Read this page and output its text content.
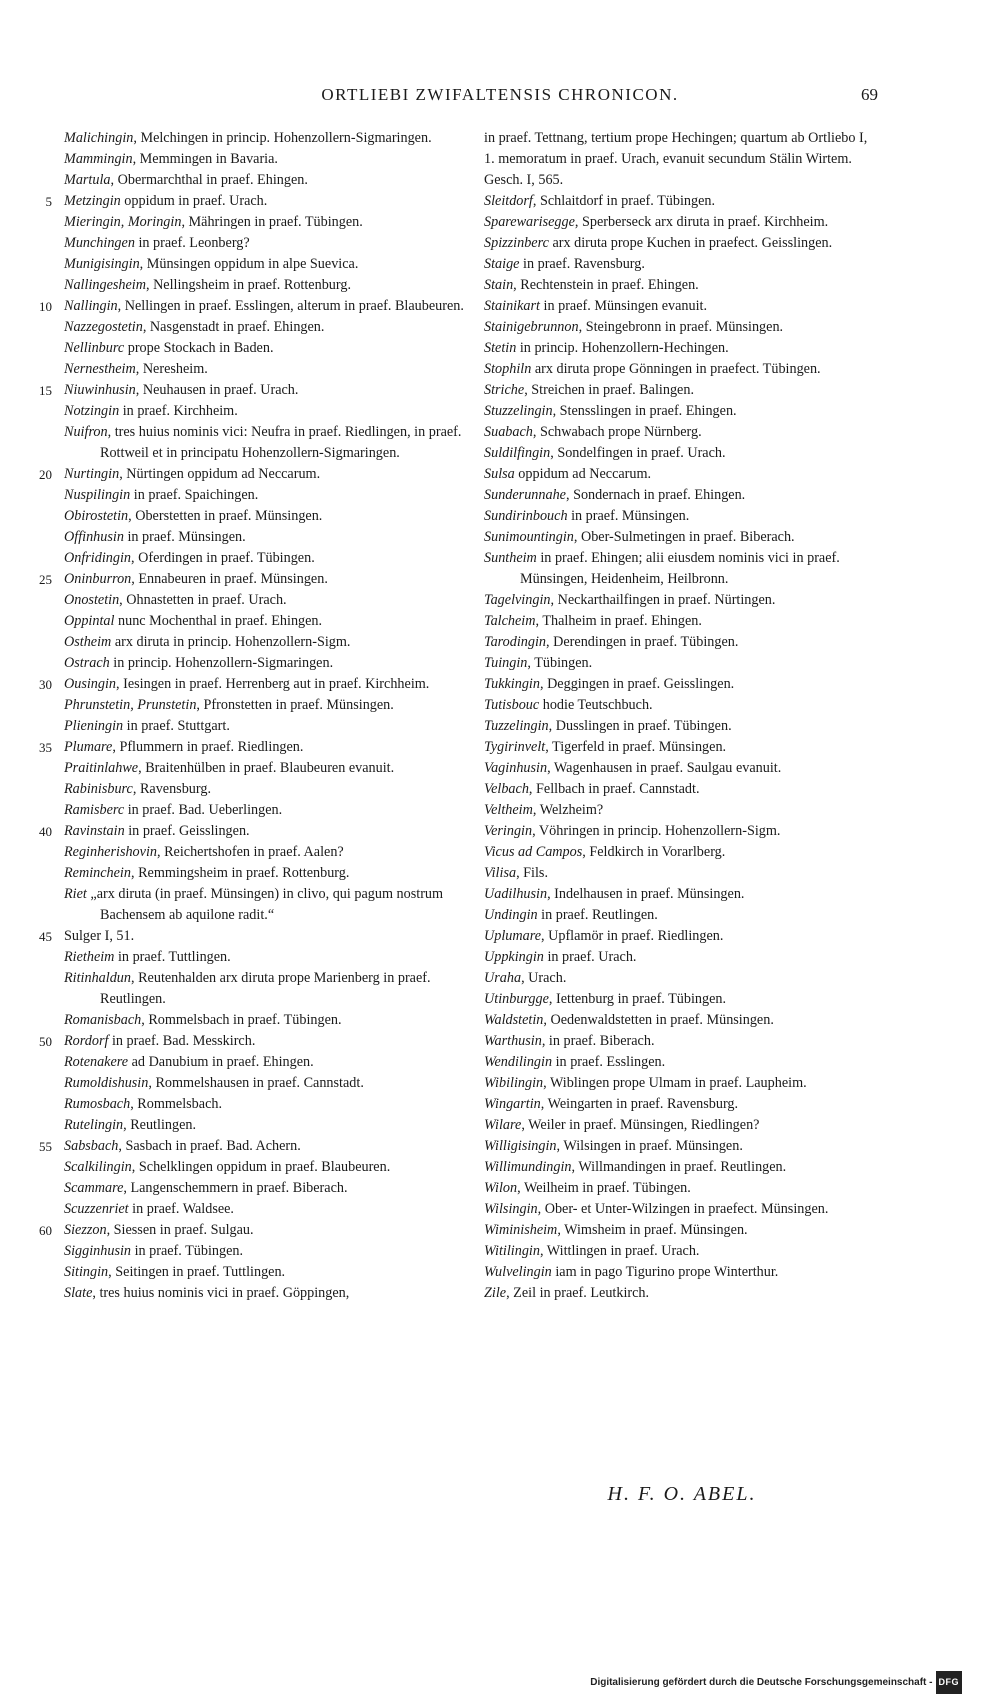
ORTLIEBI ZWIFALTENSIS CHRONICON.	69
Malichingin, Melchingen in princip. Hohenzollern-Sigmaringen.
Mammingin, Memmingen in Bavaria.
Martula, Obermarchthal in praef. Ehingen.
5 Metzingin oppidum in praef. Urach.
Mieringin, Moringin, Mähringen in praef. Tübingen.
Munchingen in praef. Leonberg?
Munigisingin, Münsingen oppidum in alpe Suevica.
Nallingesheim, Nellingsheim in praef. Rottenburg.
10 Nallingin, Nellingen in praef. Esslingen, alterum in praef. Blaubeuren.
Nazzegostetin, Nasgenstadt in praef. Ehingen.
Nellinburc prope Stockach in Baden.
Nernestheim, Neresheim.
15 Niuwinhusin, Neuhausen in praef. Urach.
Notzingin in praef. Kirchheim.
Nuifron, tres huius nominis vici: Neufra in praef. Riedlingen, in praef. Rottweil et in principatu Hohenzollern-Sigmaringen.
20 Nurtingin, Nürtingen oppidum ad Neccarum.
Nuspilingin in praef. Spaichingen.
Obirostetin, Oberstetten in praef. Münsingen.
Offinhusin in praef. Münsingen.
Onfridingin, Oferdingen in praef. Tübingen.
25 Oninburron, Ennabeuren in praef. Münsingen.
Onostetin, Ohnastetten in praef. Urach.
Oppintal nunc Mochenthal in praef. Ehingen.
Ostheim arx diruta in princip. Hohenzollern-Sigm.
Ostrach in princip. Hohenzollern-Sigmaringen.
30 Ousingin, Iesingen in praef. Herrenberg aut in praef. Kirchheim.
Phrunstetin, Prunstetin, Pfronstetten in praef. Münsingen.
Plieningin in praef. Stuttgart.
35 Plumare, Pflummern in praef. Riedlingen.
Praitinlahwe, Braitenhülben in praef. Blaubeuren evanuit.
Rabinisburc, Ravensburg.
Ramisberc in praef. Bad. Ueberlingen.
40 Ravinstain in praef. Geisslingen.
Reginherishovin, Reichertshofen in praef. Aalen?
Reminchein, Remmingsheim in praef. Rottenburg.
Riet „arx diruta (in praef. Münsingen) in clivo, qui pagum nostrum Bachensem ab aquilone radit.“
45 Sulger I, 51.
Rietheim in praef. Tuttlingen.
Ritinhaldun, Reutenhalden arx diruta prope Marienberg in praef. Reutlingen.
Romanisbach, Rommelsbach in praef. Tübingen.
50 Rordorf in praef. Bad. Messkirch.
Rotenakere ad Danubium in praef. Ehingen.
Rumoldishusin, Rommelshausen in praef. Cannstadt.
Rumosbach, Rommelsbach.
Rutelingin, Reutlingen.
55 Sabsbach, Sasbach in praef. Bad. Achern.
Scalkilingin, Schelklingen oppidum in praef. Blaubeuren.
Scammare, Langenschemmern in praef. Biberach.
Scuzzenriet in praef. Waldsee.
60 Siezzon, Siessen in praef. Sulgau.
Sigginhusin in praef. Tübingen.
Sitingin, Seitingen in praef. Tuttlingen.
Slate, tres huius nominis vici in praef. Göppingen,
in praef. Tettnang, tertium prope Hechingen; quartum ab Ortliebo I, 1. memoratum in praef. Urach, evanuit secundum Stälin Wirtem. Gesch. I, 565.
Sleitdorf, Schlaitdorf in praef. Tübingen.
Sparewarisegge, Sperberseck arx diruta in praef. Kirchheim.
Spizzinberc arx diruta prope Kuchen in praefect. Geisslingen.
Staige in praef. Ravensburg.
Stain, Rechtenstein in praef. Ehingen.
Stainikart in praef. Münsingen evanuit.
Stainigebrunnon, Steingebronn in praef. Münsingen.
Stetin in princip. Hohenzollern-Hechingen.
Stophiln arx diruta prope Gönningen in praefect. Tübingen.
Striche, Streichen in praef. Balingen.
Stuzzelingin, Stensslingen in praef. Ehingen.
Suabach, Schwabach prope Nürnberg.
Suldilfingin, Sondelfingen in praef. Urach.
Sulsa oppidum ad Neccarum.
Sunderunnahe, Sondernach in praef. Ehingen.
Sundirinbouch in praef. Münsingen.
Sunimountingin, Ober-Sulmetingen in praef. Biberach.
Suntheim in praef. Ehingen; alii eiusdem nominis vici in praef. Münsingen, Heidenheim, Heilbronn.
Tagelvingin, Neckarthailfingen in praef. Nürtingen.
Talcheim, Thalheim in praef. Ehingen.
Tarodingin, Derendingen in praef. Tübingen.
Tuingin, Tübingen.
Tukkingin, Deggingen in praef. Geisslingen.
Tutisbouc hodie Teutschbuch.
Tuzzelingin, Dusslingen in praef. Tübingen.
Tygirinvelt, Tigerfeld in praef. Münsingen.
Vaginhusin, Wagenhausen in praef. Saulgau evanuit.
Velbach, Fellbach in praef. Cannstadt.
Veltheim, Welzheim?
Veringin, Vöhringen in princip. Hohenzollern-Sigm.
Vicus ad Campos, Feldkirch in Vorarlberg.
Vilisa, Fils.
Uadilhusin, Indelhausen in praef. Münsingen.
Undingin in praef. Reutlingen.
Uplumare, Upflamör in praef. Riedlingen.
Uppkingin in praef. Urach.
Uraha, Urach.
Utinburgge, Iettenburg in praef. Tübingen.
Waldstetin, Oedenwaldstetten in praef. Münsingen.
Warthusin, in praef. Biberach.
Wendilingin in praef. Esslingen.
Wibilingin, Wiblingen prope Ulmam in praef. Laupheim.
Wingartin, Weingarten in praef. Ravensburg.
Wilare, Weiler in praef. Münsingen, Riedlingen?
Willigisingin, Wilsingen in praef. Münsingen.
Willimundingin, Willmandingen in praef. Reutlingen.
Wilon, Weilheim in praef. Tübingen.
Wilsingin, Ober- et Unter-Wilzingen in praefect. Münsingen.
Wiminisheim, Wimsheim in praef. Münsingen.
Witilingin, Wittlingen in praef. Urach.
Wulvelingin iam in pago Tigurino prope Winterthur.
Zile, Zeil in praef. Leutkirch.
H. F. O. ABEL.
Digitalisierung gefördert durch die Deutsche Forschungsgemeinschaft - DFG
